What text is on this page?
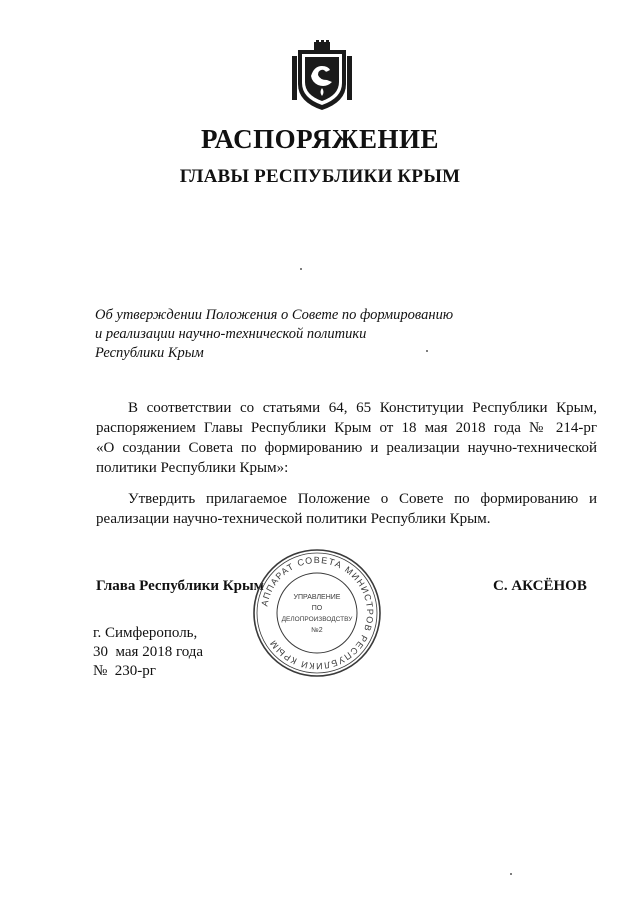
РАСПОРЯЖЕНИЕ
ГЛАВЫ РЕСПУБЛИКИ КРЫМ
Об утверждении Положения о Совете по формированию
и реализации научно-технической политики
Республики Крым
В соответствии со статьями 64, 65 Конституции Республики Крым,
распоряжением Главы Республики Крым от 18 мая 2018 года № 214-рг
«О создании Совета по формированию и реализации научно-технической
политики Республики Крым»:
Утвердить прилагаемое Положение о Совете по формированию и
реализации научно-технической политики Республики Крым.
Глава Республики Крым	С. АКСЁНОВ
АППАРАТ СОВЕТА МИНИСТРОВ РЕСПУБЛИКИ КРЫМ
УПРАВЛЕНИЕ
ПО
ДЕЛОПРОИЗВОДСТВУ
№2
г. Симферополь,
30  мая 2018 года
№  230-рг
